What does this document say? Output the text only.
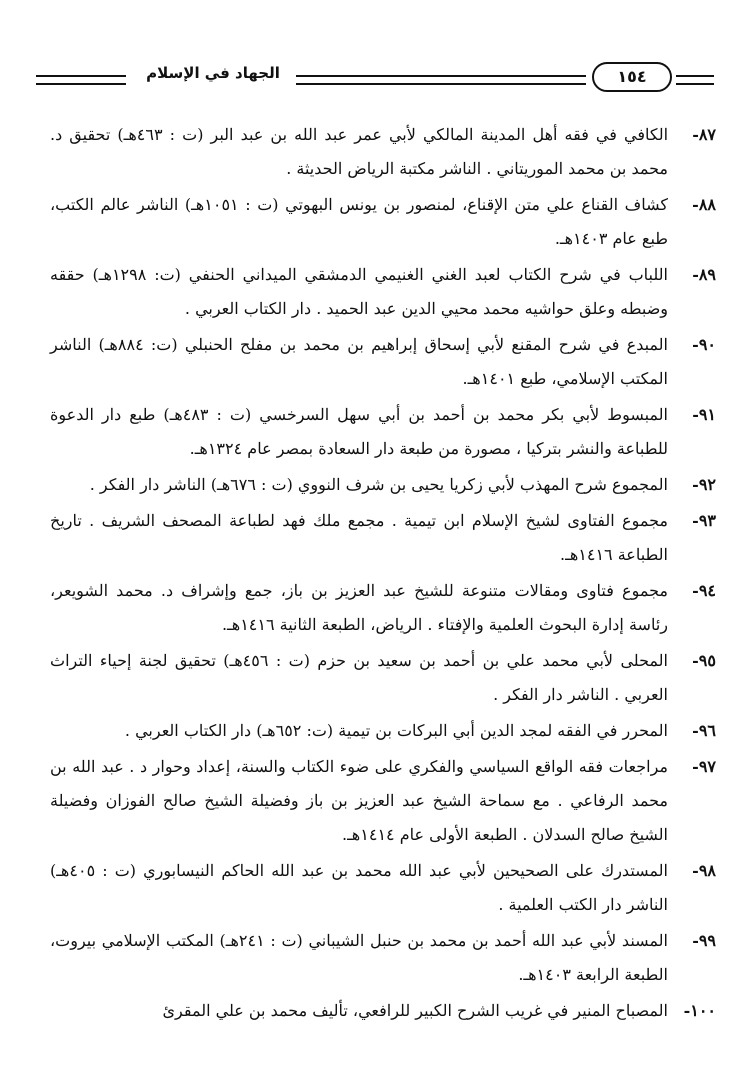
الجهاد في الإسلام	١٥٤

٨٧-الكافي في فقه أهل المدينة المالكي لأبي عمر عبد الله بن عبد البر (ت : ٤٦٣هـ) تحقيق د. محمد بن محمد الموريتاني . الناشر مكتبة الرياض الحديثة .

٨٨-كشاف القناع علي متن الإقناع، لمنصور بن يونس البهوتي (ت : ١٠٥١هـ) الناشر عالم الكتب، طبع عام ١٤٠٣هـ.

٨٩-اللباب في شرح الكتاب لعبد الغني الغنيمي الدمشقي الميداني الحنفي (ت: ١٢٩٨هـ) حققه وضبطه وعلق حواشيه محمد محيي الدين عبد الحميد . دار الكتاب العربي .

٩٠-المبدع في شرح المقنع لأبي إسحاق إبراهيم بن محمد بن مفلح الحنبلي (ت: ٨٨٤هـ) الناشر المكتب الإسلامي، طبع ١٤٠١هـ.

٩١-المبسوط لأبي بكر محمد بن أحمد بن أبي سهل السرخسي (ت : ٤٨٣هـ) طبع دار الدعوة للطباعة والنشر بتركيا ، مصورة من طبعة دار السعادة بمصر عام ١٣٢٤هـ.

٩٢-المجموع شرح المهذب لأبي زكريا يحيى بن شرف النووي (ت : ٦٧٦هـ) الناشر دار الفكر .

٩٣-مجموع الفتاوى لشيخ الإسلام ابن تيمية . مجمع ملك فهد لطباعة المصحف الشريف . تاريخ الطباعة ١٤١٦هـ.

٩٤-مجموع فتاوى ومقالات متنوعة للشيخ عبد العزيز بن باز، جمع وإشراف د. محمد الشويعر، رئاسة إدارة البحوث العلمية والإفتاء . الرياض، الطبعة الثانية ١٤١٦هـ.

٩٥-المحلى لأبي محمد علي بن أحمد بن سعيد بن حزم (ت : ٤٥٦هـ) تحقيق لجنة إحياء التراث العربي . الناشر دار الفكر .

٩٦-المحرر في الفقه لمجد الدين أبي البركات بن تيمية (ت: ٦٥٢هـ) دار الكتاب العربي .

٩٧-مراجعات فقه الواقع السياسي والفكري على ضوء الكتاب والسنة، إعداد وحوار د . عبد الله بن محمد الرفاعي . مع سماحة الشيخ عبد العزيز بن باز وفضيلة الشيخ صالح الفوزان وفضيلة الشيخ صالح السدلان . الطبعة الأولى عام ١٤١٤هـ.

٩٨-المستدرك على الصحيحين لأبي عبد الله محمد بن عبد الله الحاكم النيسابوري (ت : ٤٠٥هـ) الناشر دار الكتب العلمية .

٩٩-المسند لأبي عبد الله أحمد بن محمد بن حنبل الشيباني (ت : ٢٤١هـ) المكتب الإسلامي بيروت، الطبعة الرابعة ١٤٠٣هـ.

١٠٠-المصباح المنير في غريب الشرح الكبير للرافعي، تأليف محمد بن علي المقرئ
